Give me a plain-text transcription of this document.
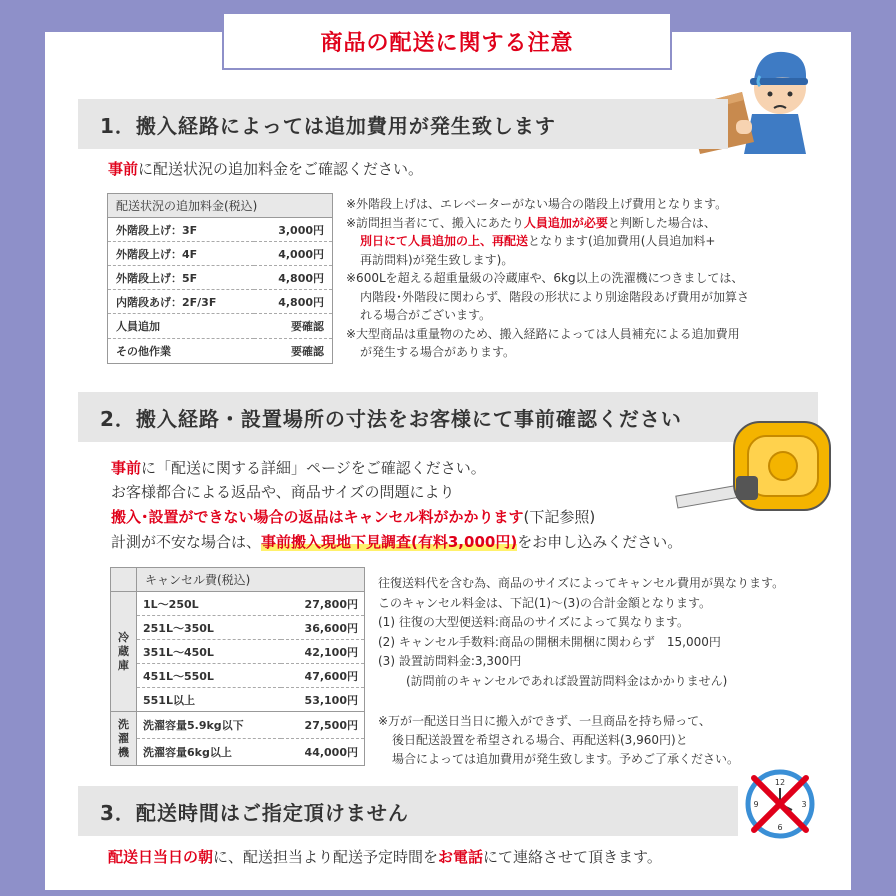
商品の配送に関する注意
1．搬入経路によっては追加費用が発生致します
事前に配送状況の追加料金をご確認ください。
配送状況の追加料金(税込)	
外階段上げ：3F	3,000円
外階段上げ：4F	4,000円
外階段上げ：5F	4,800円
内階段あげ：2F/3F	4,800円
人員追加	要確認
その他作業	要確認
※外階段上げは、エレベーターがない場合の階段上げ費用となります。
※訪問担当者にて、搬入にあたり人員追加が必要と判断した場合は、
別日にて人員追加の上、再配送となります(追加費用(人員追加料+
再訪問料)が発生致します)。
※600Lを超える超重量級の冷蔵庫や、6kg以上の洗濯機につきましては、
内階段･外階段に関わらず、階段の形状により別途階段あげ費用が加算さ
れる場合がございます。
※大型商品は重量物のため、搬入経路によっては人員補充による追加費用
が発生する場合があります。
2．搬入経路・設置場所の寸法をお客様にて事前確認ください
事前に「配送に関する詳細」ページをご確認ください。
お客様都合による返品や、商品サイズの問題により
搬入･設置ができない場合の返品はキャンセル料がかかります(下記参照)
計測が不安な場合は、事前搬入現地下見調査(有料3,000円)をお申し込みください。
	キャンセル費(税込)	
冷
蔵
庫	1L～250L	27,800円
	251L～350L	36,600円
	351L～450L	42,100円
	451L～550L	47,600円
	551L以上	53,100円
洗
濯
機	洗濯容量5.9kg以下	27,500円
	洗濯容量6kg以上	44,000円
往復送料代を含む為、商品のサイズによってキャンセル費用が異なります。
このキャンセル料金は、下記(1)～(3)の合計金額となります。
(1) 往復の大型便送料:商品のサイズによって異なります。
(2) キャンセル手数料:商品の開梱未開梱に関わらず　15,000円
(3) 設置訪問料金:3,300円
(訪問前のキャンセルであれば設置訪問料金はかかりません)
※万が一配送日当日に搬入ができず、一旦商品を持ち帰って、
後日配送設置を希望される場合、再配送料(3,960円)と
場合によっては追加費用が発生致します。予めご了承ください。
3．配送時間はご指定頂けません
12
3
6
9
配送日当日の朝に、配送担当より配送予定時間をお電話にて連絡させて頂きます。
